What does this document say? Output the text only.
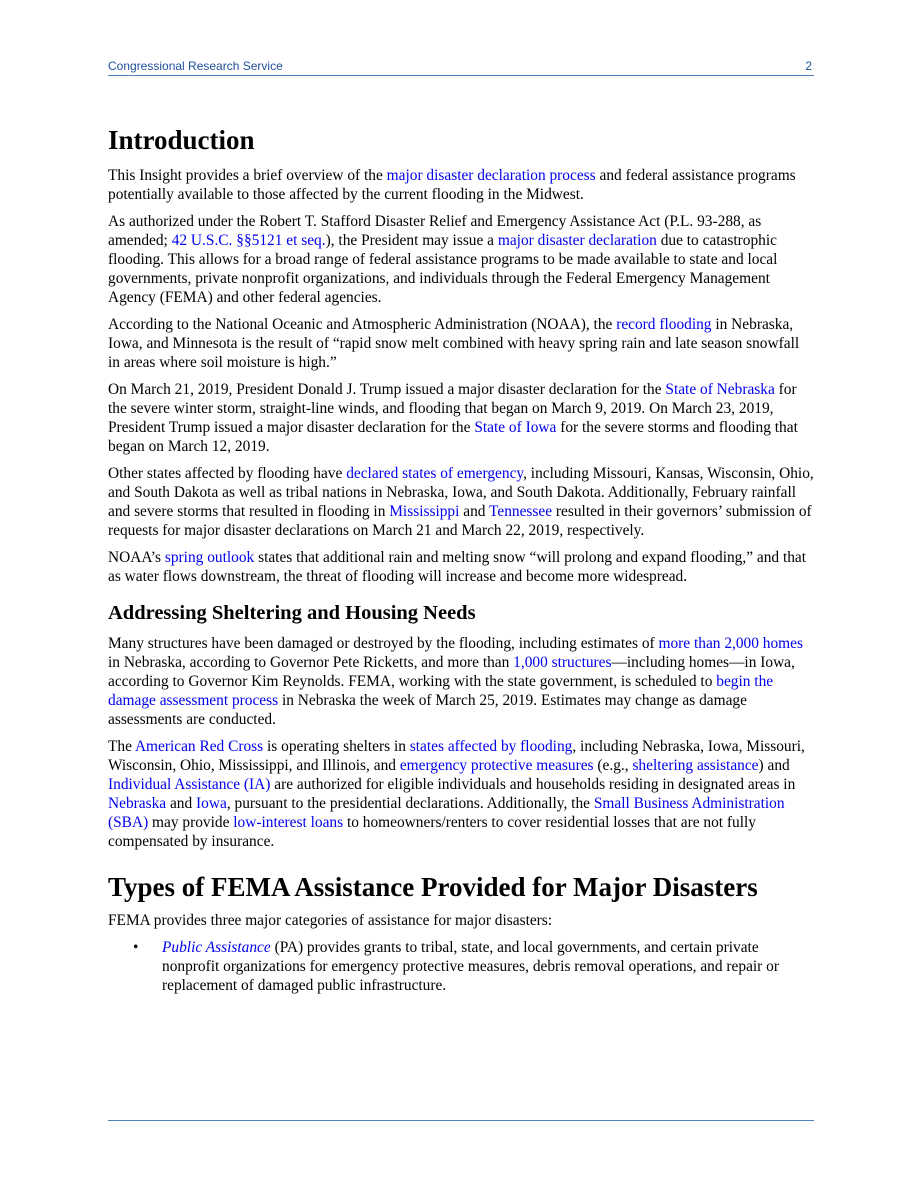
Congressional Research Service	2
Introduction

This Insight provides a brief overview of the major disaster declaration process and federal assistance programs potentially available to those affected by the current flooding in the Midwest.

As authorized under the Robert T. Stafford Disaster Relief and Emergency Assistance Act (P.L. 93-288, as amended; 42 U.S.C. §§5121 et seq.), the President may issue a major disaster declaration due to catastrophic flooding. This allows for a broad range of federal assistance programs to be made available to state and local governments, private nonprofit organizations, and individuals through the Federal Emergency Management Agency (FEMA) and other federal agencies.

According to the National Oceanic and Atmospheric Administration (NOAA), the record flooding in Nebraska, Iowa, and Minnesota is the result of “rapid snow melt combined with heavy spring rain and late season snowfall in areas where soil moisture is high.”

On March 21, 2019, President Donald J. Trump issued a major disaster declaration for the State of Nebraska for the severe winter storm, straight-line winds, and flooding that began on March 9, 2019. On March 23, 2019, President Trump issued a major disaster declaration for the State of Iowa for the severe storms and flooding that began on March 12, 2019.

Other states affected by flooding have declared states of emergency, including Missouri, Kansas, Wisconsin, Ohio, and South Dakota as well as tribal nations in Nebraska, Iowa, and South Dakota. Additionally, February rainfall and severe storms that resulted in flooding in Mississippi and Tennessee resulted in their governors’ submission of requests for major disaster declarations on March 21 and March 22, 2019, respectively.

NOAA’s spring outlook states that additional rain and melting snow “will prolong and expand flooding,” and that as water flows downstream, the threat of flooding will increase and become more widespread.

Addressing Sheltering and Housing Needs

Many structures have been damaged or destroyed by the flooding, including estimates of more than 2,000 homes in Nebraska, according to Governor Pete Ricketts, and more than 1,000 structures—including homes—in Iowa, according to Governor Kim Reynolds. FEMA, working with the state government, is scheduled to begin the damage assessment process in Nebraska the week of March 25, 2019. Estimates may change as damage assessments are conducted.

The American Red Cross is operating shelters in states affected by flooding, including Nebraska, Iowa, Missouri, Wisconsin, Ohio, Mississippi, and Illinois, and emergency protective measures (e.g., sheltering assistance) and Individual Assistance (IA) are authorized for eligible individuals and households residing in designated areas in Nebraska and Iowa, pursuant to the presidential declarations. Additionally, the Small Business Administration (SBA) may provide low-interest loans to homeowners/renters to cover residential losses that are not fully compensated by insurance.

Types of FEMA Assistance Provided for Major Disasters

FEMA provides three major categories of assistance for major disasters:

• Public Assistance (PA) provides grants to tribal, state, and local governments, and certain private nonprofit organizations for emergency protective measures, debris removal operations, and repair or replacement of damaged public infrastructure.
